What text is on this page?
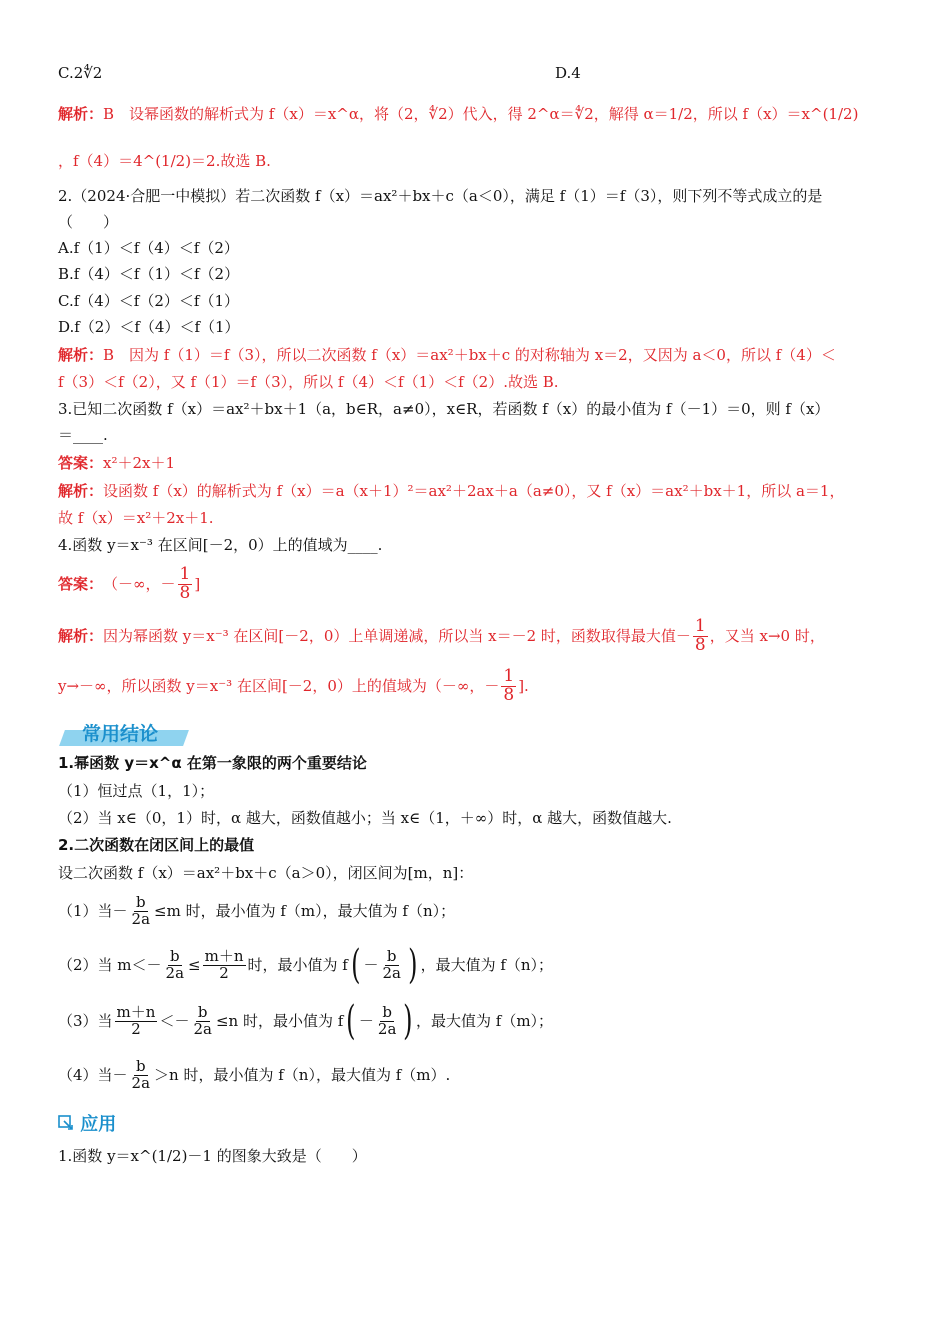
C.2∜2	D.4
解析：B　设幂函数的解析式为 f（x）＝x^α，将（2，∜2）代入，得 2^α＝∜2，解得 α＝1/2，所以 f（x）＝x^(1/2)
，f（4）＝4^(1/2)＝2.故选 B.
2.（2024·合肥一中模拟）若二次函数 f（x）＝ax²＋bx＋c（a＜0），满足 f（1）＝f（3），则下列不等式成立的是
（　　）
A.f（1）＜f（4）＜f（2）
B.f（4）＜f（1）＜f（2）
C.f（4）＜f（2）＜f（1）
D.f（2）＜f（4）＜f（1）
解析：B　因为 f（1）＝f（3），所以二次函数 f（x）＝ax²＋bx＋c 的对称轴为 x＝2，又因为 a＜0，所以 f（4）＜
f（3）＜f（2），又 f（1）＝f（3），所以 f（4）＜f（1）＜f（2）.故选 B.
3.已知二次函数 f（x）＝ax²＋bx＋1（a，b∈R，a≠0），x∈R，若函数 f（x）的最小值为 f（－1）＝0，则 f（x）
＝____.
答案：x²＋2x＋1
解析：设函数 f（x）的解析式为 f（x）＝a（x＋1）²＝ax²＋2ax＋a（a≠0），又 f（x）＝ax²＋bx＋1，所以 a＝1，
故 f（x）＝x²＋2x＋1.
4.函数 y＝x⁻³ 在区间[－2，0）上的值域为____.
答案： （－∞，－ $\frac{1}{8}$ ]
解析： 因为幂函数 y＝x⁻³ 在区间[－2，0）上单调递减，所以当 x＝－2 时，函数取得最大值－ $\frac{1}{8}$ ，又当 x→0 时，
y→－∞，所以函数 y＝x⁻³ 在区间[－2，0）上的值域为（－∞，－ $\frac{1}{8}$ ].
常用结论
1.幂函数 y＝x^α 在第一象限的两个重要结论
（1）恒过点（1，1）；
（2）当 x∈（0，1）时，α 越大，函数值越小；当 x∈（1，＋∞）时，α 越大，函数值越大.
2.二次函数在闭区间上的最值
设二次函数 f（x）＝ax²＋bx＋c（a＞0），闭区间为[m，n]：
（1）当－ $\frac{b}{2a} \le m$ 时，最小值为 f（m），最大值为 f（n）；
（2）当 $m<- \frac{b}{2a} \le \frac{m+n}{2}$ 时，最小值为 f ( － $\frac{b}{2a}$ ) ，最大值为 f（n）；
（3）当 $\frac{m+n}{2} <- \frac{b}{2a} \le n$ 时，最小值为 f ( － $\frac{b}{2a}$ ) ，最大值为 f（m）；
（4）当－ $\frac{b}{2a} >n$ 时，最小值为 f（n），最大值为 f（m）.
应用
1.函数 y＝x^(1/2)－1 的图象大致是（　　）
